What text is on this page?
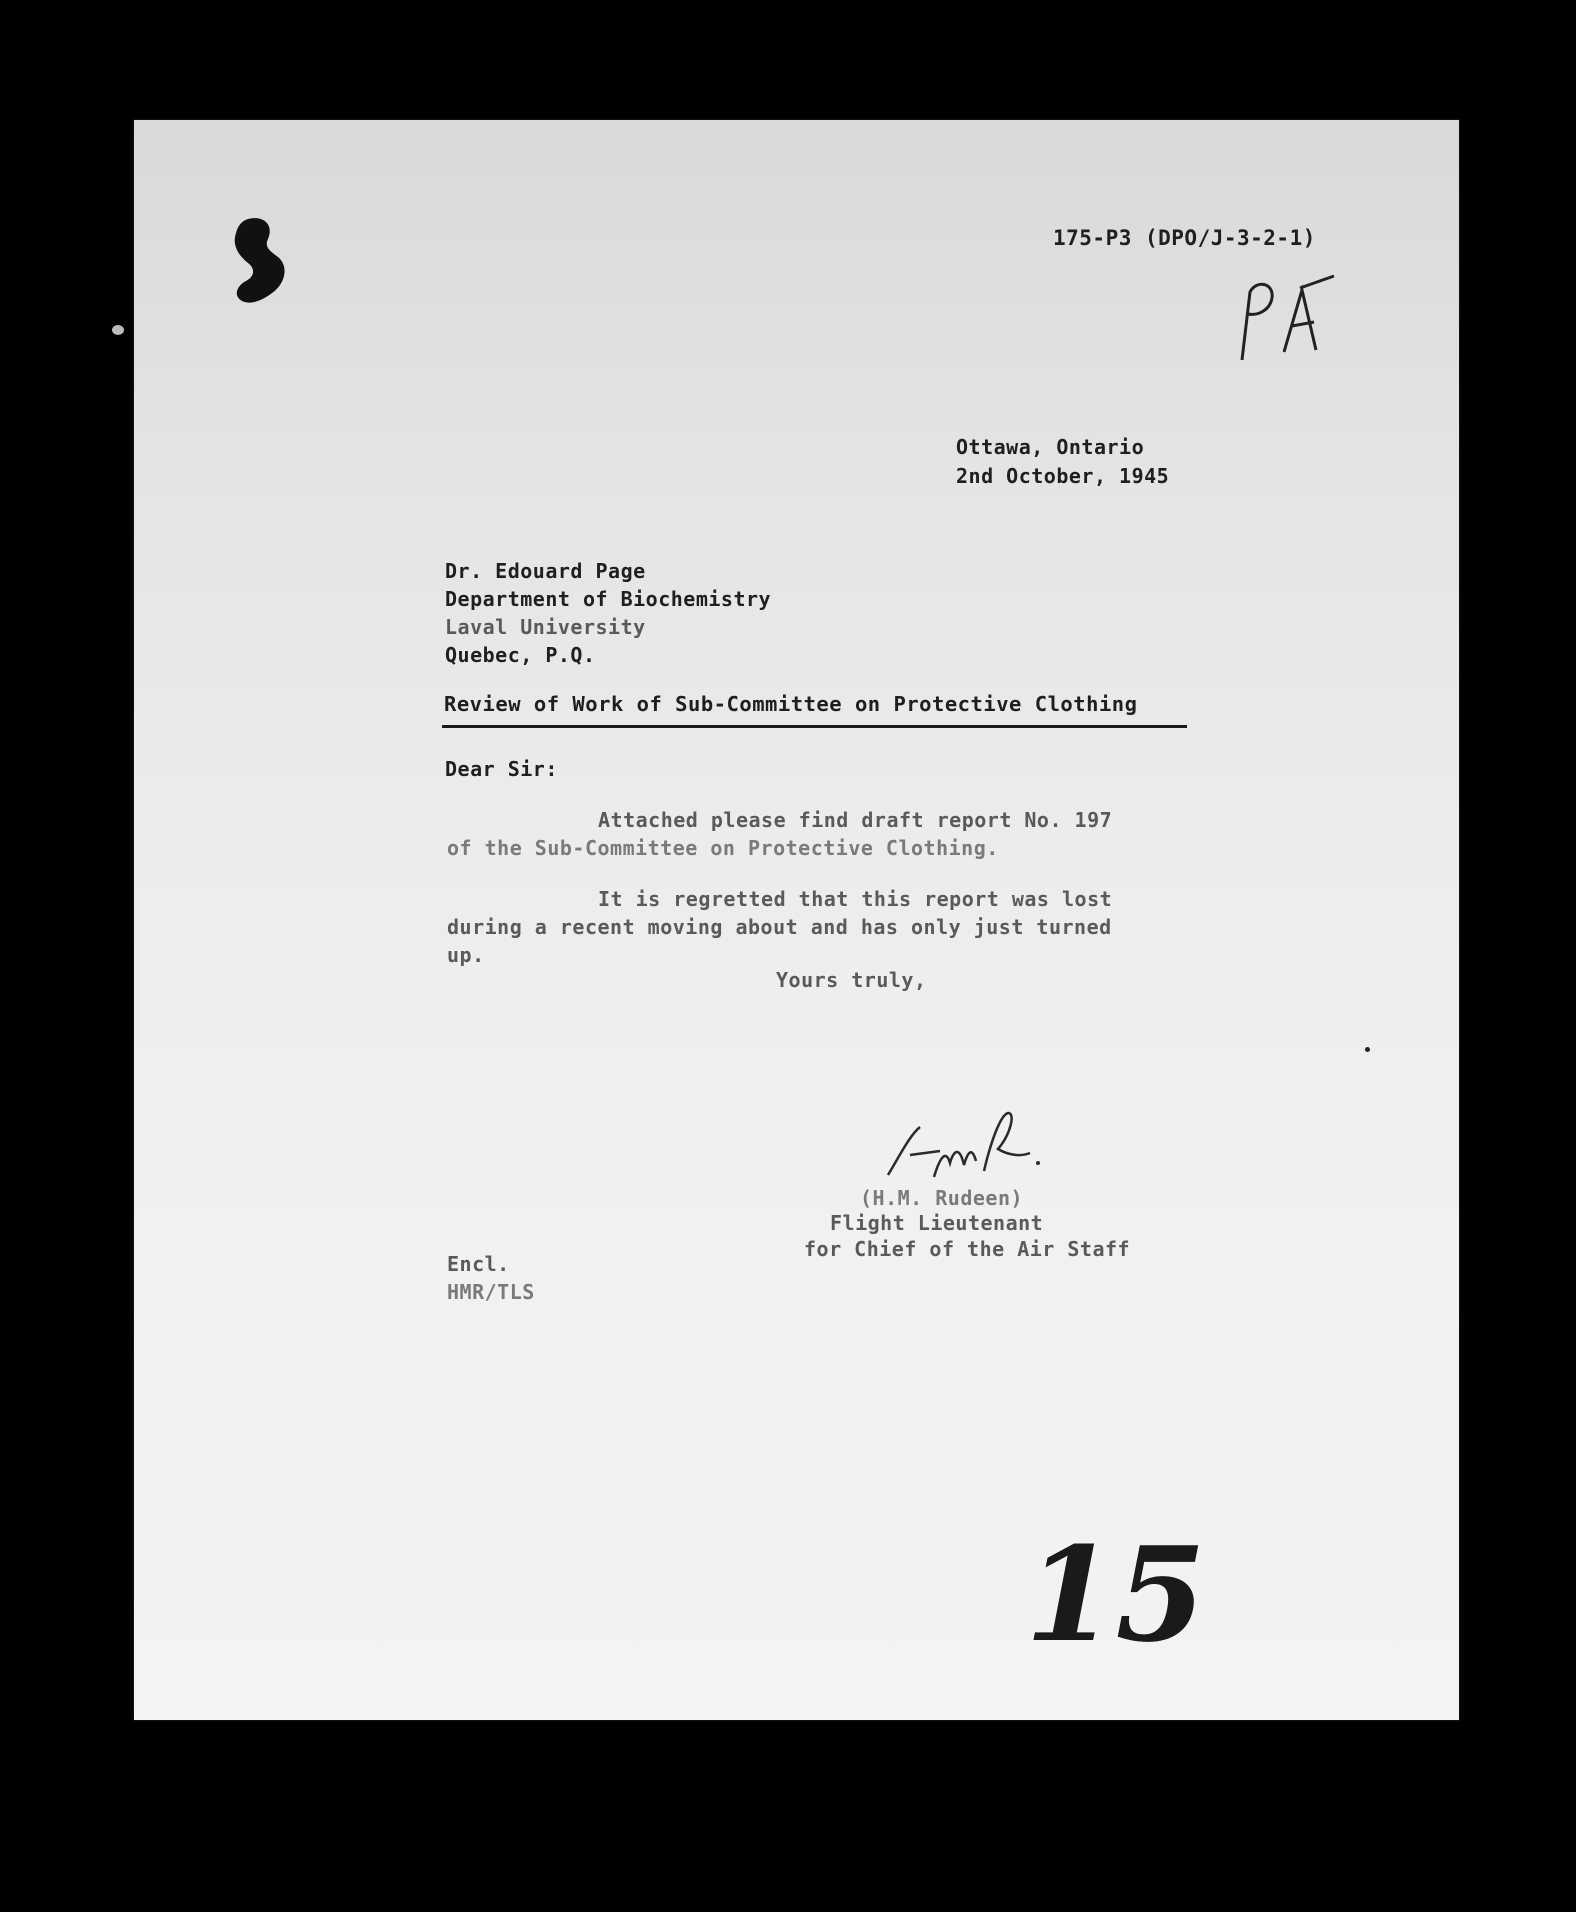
175-P3 (DPO/J-3-2-1)
Ottawa, Ontario
2nd October, 1945
Dr. Edouard Page
Department of Biochemistry
Laval University
Quebec, P.Q.
Review of Work of Sub-Committee on Protective Clothing
Dear Sir:
Attached please find draft report No. 197
of the Sub-Committee on Protective Clothing.
It is regretted that this report was lost
during a recent moving about and has only just turned
up.
Yours truly,
(H.M. Rudeen)
Flight Lieutenant
for Chief of the Air Staff
Encl.
HMR/TLS
15
